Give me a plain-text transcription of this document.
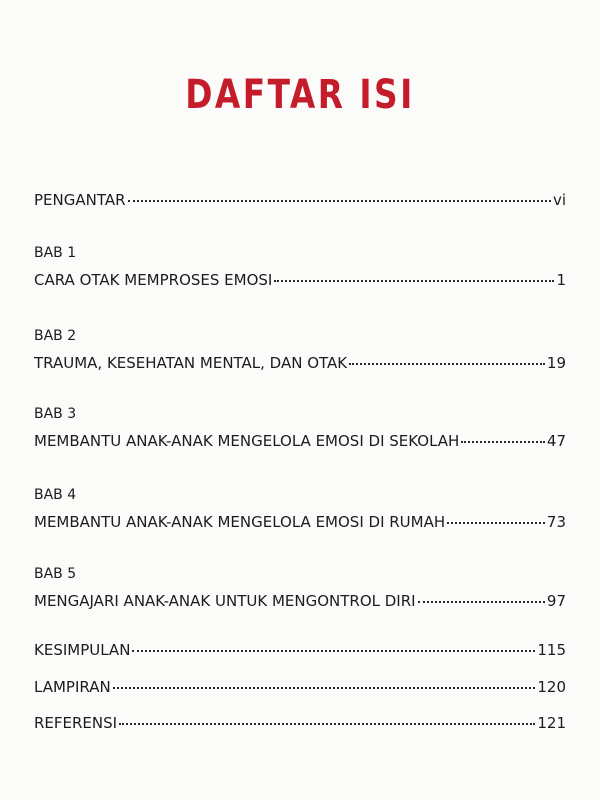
DAFTAR ISI
PENGANTAR	vi
BAB 1
CARA OTAK MEMPROSES EMOSI	1
BAB 2
TRAUMA, KESEHATAN MENTAL, DAN OTAK	19
BAB 3
MEMBANTU ANAK-ANAK MENGELOLA EMOSI DI SEKOLAH	47
BAB 4
MEMBANTU ANAK-ANAK MENGELOLA EMOSI DI RUMAH	73
BAB 5
MENGAJARI ANAK-ANAK UNTUK MENGONTROL DIRI	97
KESIMPULAN	115
LAMPIRAN	120
REFERENSI	121
